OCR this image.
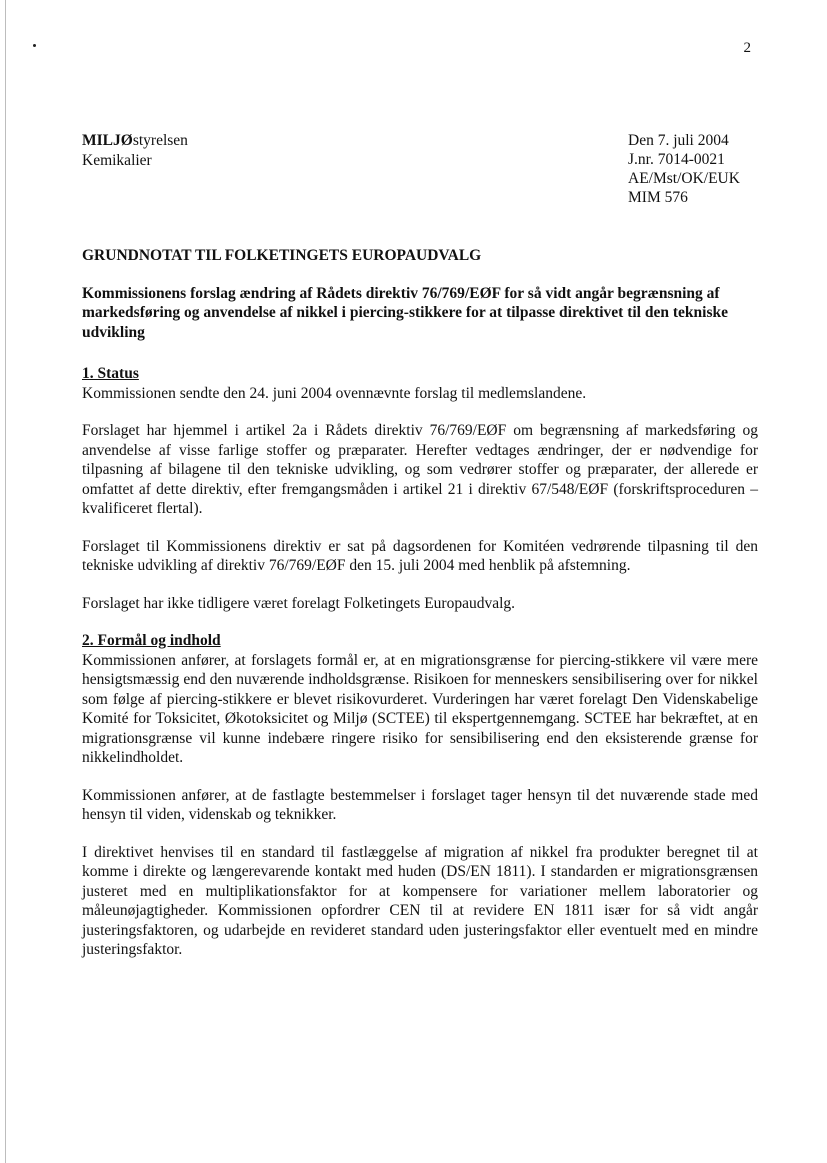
2
MILJØstyrelsen
Kemikalier
Den 7. juli 2004
J.nr. 7014-0021
AE/Mst/OK/EUK
MIM 576
GRUNDNOTAT TIL FOLKETINGETS EUROPAUDVALG
Kommissionens forslag ændring af Rådets direktiv 76/769/EØF for så vidt angår begrænsning af markedsføring og anvendelse af nikkel i piercing-stikkere for at tilpasse direktivet til den tekniske udvikling
1. Status

Kommissionen sendte den 24. juni 2004 ovennævnte forslag til medlemslandene.

Forslaget har hjemmel i artikel 2a i Rådets direktiv 76/769/EØF om begrænsning af markedsføring og anvendelse af visse farlige stoffer og præparater. Herefter vedtages ændringer, der er nødvendige for tilpasning af bilagene til den tekniske udvikling, og som vedrører stoffer og præparater, der allerede er omfattet af dette direktiv, efter fremgangsmåden i artikel 21 i direktiv 67/548/EØF (forskriftsproceduren – kvalificeret flertal).

Forslaget til Kommissionens direktiv er sat på dagsordenen for Komitéen vedrørende tilpasning til den tekniske udvikling af direktiv 76/769/EØF den 15. juli 2004 med henblik på afstemning.

Forslaget har ikke tidligere været forelagt Folketingets Europaudvalg.

2. Formål og indhold

Kommissionen anfører, at forslagets formål er, at en migrationsgrænse for piercing-stikkere vil være mere hensigtsmæssig end den nuværende indholdsgrænse. Risikoen for menneskers sensibilisering over for nikkel som følge af piercing-stikkere er blevet risikovurderet. Vurderingen har været forelagt Den Videnskabelige Komité for Toksicitet, Økotoksicitet og Miljø (SCTEE) til ekspertgennemgang. SCTEE har bekræftet, at en migrationsgrænse vil kunne indebære ringere risiko for sensibilisering end den eksisterende grænse for nikkelindholdet.

Kommissionen anfører, at de fastlagte bestemmelser i forslaget tager hensyn til det nuværende stade med hensyn til viden, videnskab og teknikker.

I direktivet henvises til en standard til fastlæggelse af migration af nikkel fra produkter beregnet til at komme i direkte og længerevarende kontakt med huden (DS/EN 1811). I standarden er migrationsgrænsen justeret med en multiplikationsfaktor for at kompensere for variationer mellem laboratorier og måleunøjagtigheder. Kommissionen opfordrer CEN til at revidere EN 1811 især for så vidt angår justeringsfaktoren, og udarbejde en revideret standard uden justeringsfaktor eller eventuelt med en mindre justeringsfaktor.
